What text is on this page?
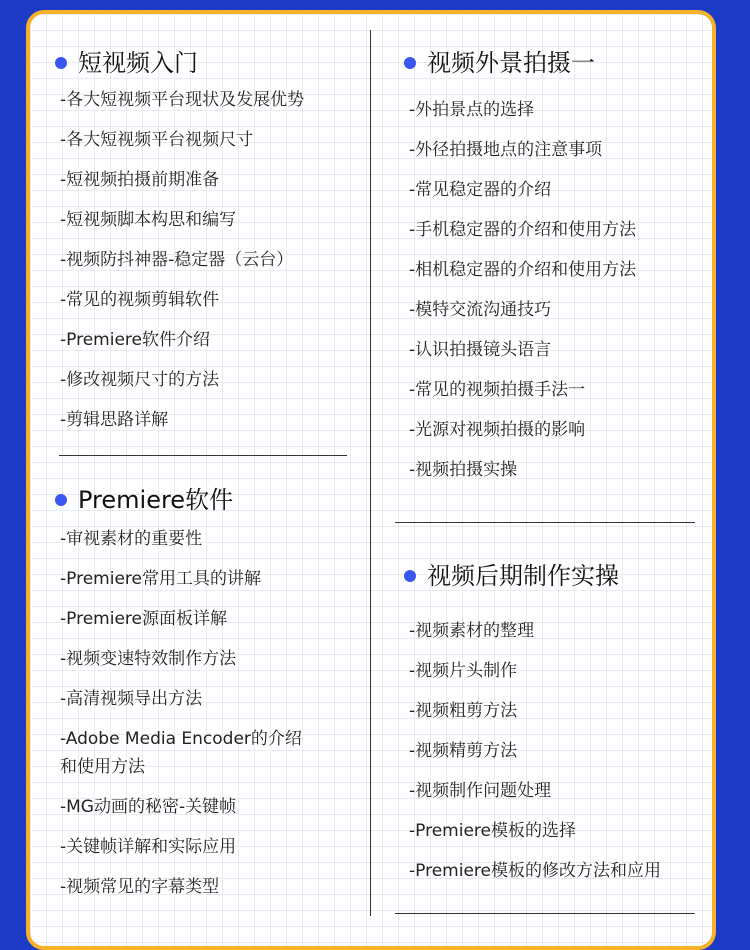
短视频入门
-各大短视频平台现状及发展优势
-各大短视频平台视频尺寸
-短视频拍摄前期准备
-短视频脚本构思和编写
-视频防抖神器-稳定器（云台）
-常见的视频剪辑软件
-Premiere软件介绍
-修改视频尺寸的方法
-剪辑思路详解
Premiere软件
-审视素材的重要性
-Premiere常用工具的讲解
-Premiere源面板详解
-视频变速特效制作方法
-高清视频导出方法
-Adobe Media Encoder的介绍
和使用方法
-MG动画的秘密-关键帧
-关键帧详解和实际应用
-视频常见的字幕类型
视频外景拍摄一
-外拍景点的选择
-外径拍摄地点的注意事项
-常见稳定器的介绍
-手机稳定器的介绍和使用方法
-相机稳定器的介绍和使用方法
-模特交流沟通技巧
-认识拍摄镜头语言
-常见的视频拍摄手法一
-光源对视频拍摄的影响
-视频拍摄实操
视频后期制作实操
-视频素材的整理
-视频片头制作
-视频粗剪方法
-视频精剪方法
-视频制作问题处理
-Premiere模板的选择
-Premiere模板的修改方法和应用
